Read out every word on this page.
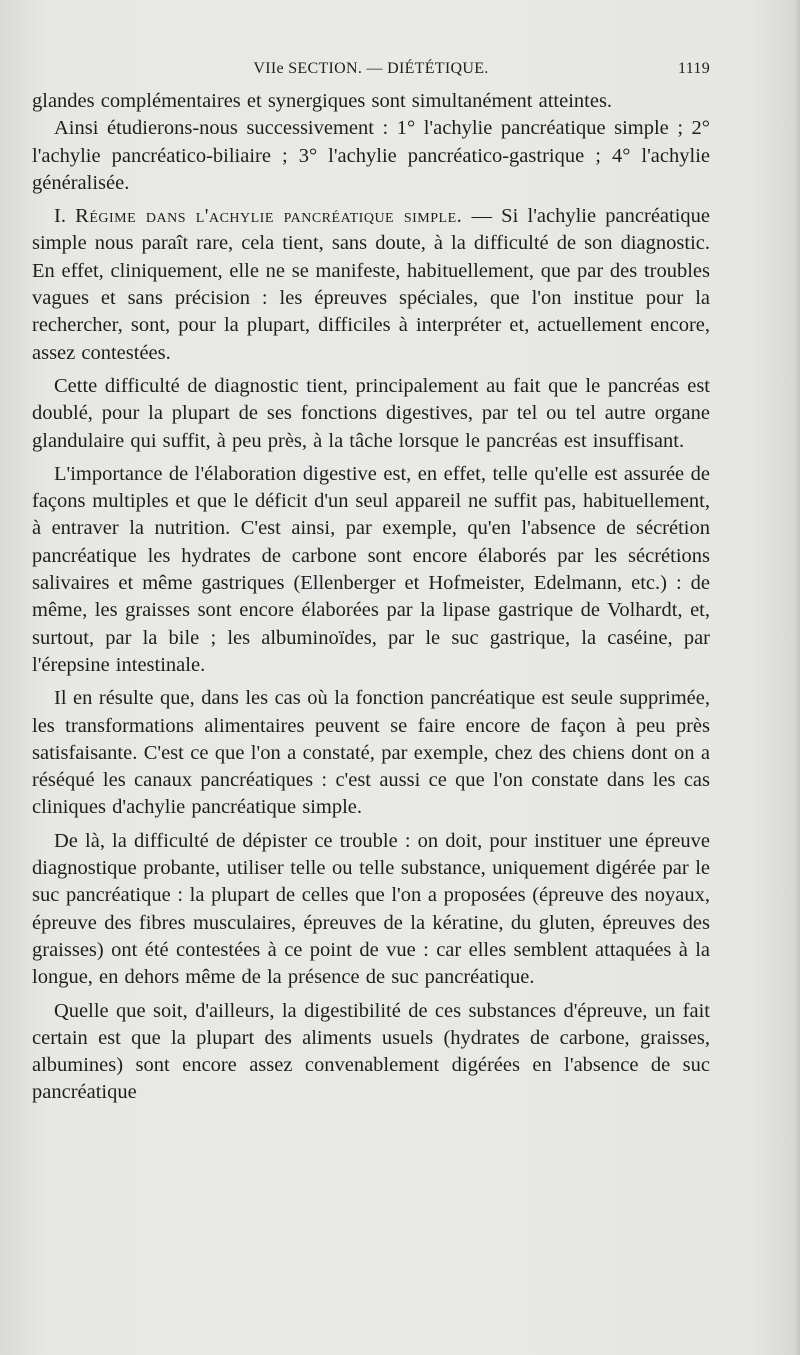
VIIe SECTION. — DIÉTÉTIQUE.	1119

glandes complémentaires et synergiques sont simultanément atteintes.

Ainsi étudierons-nous successivement : 1° l'achylie pancréatique simple ; 2° l'achylie pancréatico-biliaire ; 3° l'achylie pancréatico-gastrique ; 4° l'achylie généralisée.

I. Régime dans l'achylie pancréatique simple. — Si l'achylie pancréatique simple nous paraît rare, cela tient, sans doute, à la difficulté de son diagnostic. En effet, cliniquement, elle ne se manifeste, habituellement, que par des troubles vagues et sans précision : les épreuves spéciales, que l'on institue pour la rechercher, sont, pour la plupart, difficiles à interpréter et, actuellement encore, assez contestées.

Cette difficulté de diagnostic tient, principalement au fait que le pancréas est doublé, pour la plupart de ses fonctions digestives, par tel ou tel autre organe glandulaire qui suffit, à peu près, à la tâche lorsque le pancréas est insuffisant.

L'importance de l'élaboration digestive est, en effet, telle qu'elle est assurée de façons multiples et que le déficit d'un seul appareil ne suffit pas, habituellement, à entraver la nutrition. C'est ainsi, par exemple, qu'en l'absence de sécrétion pancréatique les hydrates de carbone sont encore élaborés par les sécrétions salivaires et même gastriques (Ellenberger et Hofmeister, Edelmann, etc.) : de même, les graisses sont encore élaborées par la lipase gastrique de Volhardt, et, surtout, par la bile ; les albuminoïdes, par le suc gastrique, la caséine, par l'érepsine intestinale.

Il en résulte que, dans les cas où la fonction pancréatique est seule supprimée, les transformations alimentaires peuvent se faire encore de façon à peu près satisfaisante. C'est ce que l'on a constaté, par exemple, chez des chiens dont on a réséqué les canaux pancréatiques : c'est aussi ce que l'on constate dans les cas cliniques d'achylie pancréatique simple.

De là, la difficulté de dépister ce trouble : on doit, pour instituer une épreuve diagnostique probante, utiliser telle ou telle substance, uniquement digérée par le suc pancréatique : la plupart de celles que l'on a proposées (épreuve des noyaux, épreuve des fibres musculaires, épreuves de la kératine, du gluten, épreuves des graisses) ont été contestées à ce point de vue : car elles semblent attaquées à la longue, en dehors même de la présence de suc pancréatique.

Quelle que soit, d'ailleurs, la digestibilité de ces substances d'épreuve, un fait certain est que la plupart des aliments usuels (hydrates de carbone, graisses, albumines) sont encore assez convenablement digérées en l'absence de suc pancréatique
